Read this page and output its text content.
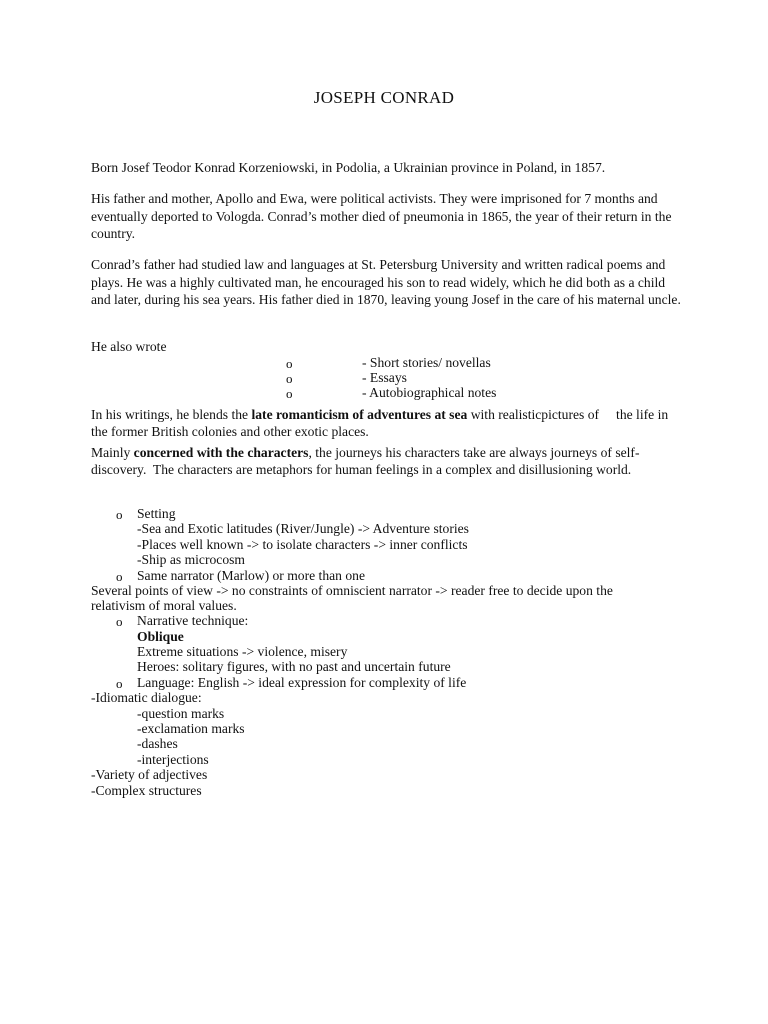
JOSEPH CONRAD
Born Josef Teodor Konrad Korzeniowski, in Podolia, a Ukrainian province in Poland, in 1857.
His father and mother, Apollo and Ewa, were political activists. They were imprisoned for 7 months and eventually deported to Vologda. Conrad’s mother died of pneumonia in 1865, the year of their return in the country.
Conrad’s father had studied law and languages at St. Petersburg University and written radical poems and plays. He was a highly cultivated man, he encouraged his son to read widely, which he did both as a child and later, during his sea years. His father died in 1870, leaving young Josef in the care of his maternal uncle.
He also wrote
o	- Short stories/ novellas
o	- Essays
o	- Autobiographical notes
In his writings, he blends the late romanticism of adventures at sea with realisticpictures of     the life in the former British colonies and other exotic places.
Mainly concerned with the characters, the journeys his characters take are always journeys of self-discovery.  The characters are metaphors for human feelings in a complex and disillusioning world.
o Setting
-Sea and Exotic latitudes (River/Jungle) -> Adventure stories
-Places well known -> to isolate characters -> inner conflicts
-Ship as microcosm
o Same narrator (Marlow) or more than one
Several points of view -> no constraints of omniscient narrator -> reader free to decide upon the
relativism of moral values.
o Narrative technique:
Oblique
Extreme situations -> violence, misery
Heroes: solitary figures, with no past and uncertain future
o Language: English -> ideal expression for complexity of life
-Idiomatic dialogue:
-question marks
-exclamation marks
-dashes
-interjections
-Variety of adjectives
-Complex structures
